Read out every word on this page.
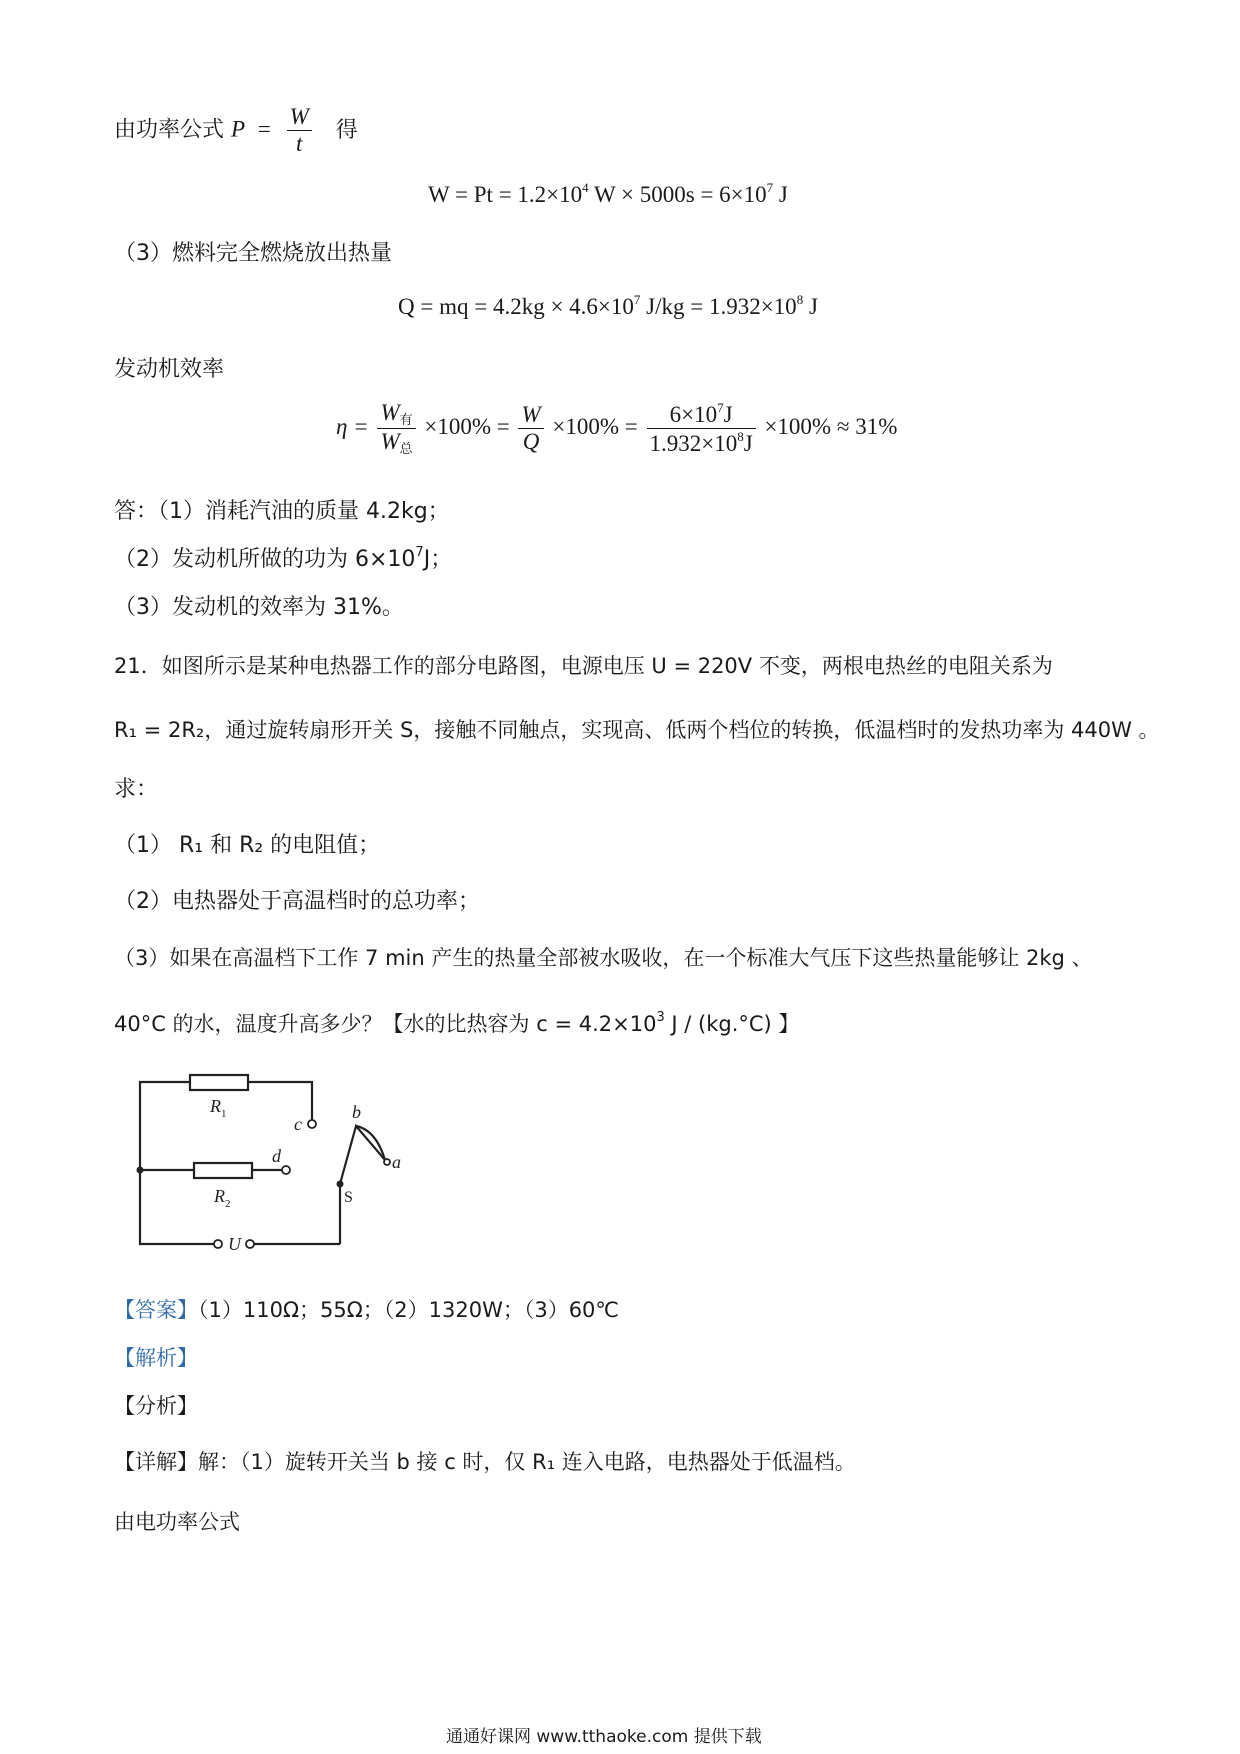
由功率公式 $P = \frac{W}{t}$ 得
$W = Pt = 1.2\times 10^4$ $W \times 5000s = 6\times 10^7$ J
（3）燃料完全燃烧放出热量
Q = mq = $4.2kg \times 4.6\times 10^7$ $J/kg = 1.932\times 10^8$ J
发动机效率
$\eta = \frac{W_有}{W_总} \times 100\% = \frac{W}{Q} \times 100\% = \frac{6\times 10^7J}{1.932\times 10^8J} \times 100\% \approx 31\%$
答：（1）消耗汽油的质量 4.2kg；
（2）发动机所做的功为 $6\times 10^7J$；
（3）发动机的效率为 31%。
21．如图所示是某种电热器工作的部分电路图，电源电压 U = 220V 不变，两根电热丝的电阻关系为
R₁ = 2R₂，通过旋转扇形开关 S，接触不同触点，实现高、低两个档位的转换，低温档时的发热功率为 440W 。
求：
（1） R₁ 和 R₂ 的电阻值；
（2）电热器处于高温档时的总功率；
（3）如果在高温档下工作 7 min 产生的热量全部被水吸收，在一个标准大气压下这些热量能够让 2kg 、
40°C 的水，温度升高多少？【水的比热容为 $c = 4.2\times 10^3$ J / (kg.°C) 】
$R_1$
$R_2$
c
d
b
a
S
U
【答案】（1）110Ω；55Ω；（2）1320W；（3）60℃
【解析】
【分析】
【详解】解：（1）旋转开关当 b 接 c 时，仅 R₁ 连入电路，电热器处于低温档。
由电功率公式
通通好课网 www.tthaoke.com 提供下载
